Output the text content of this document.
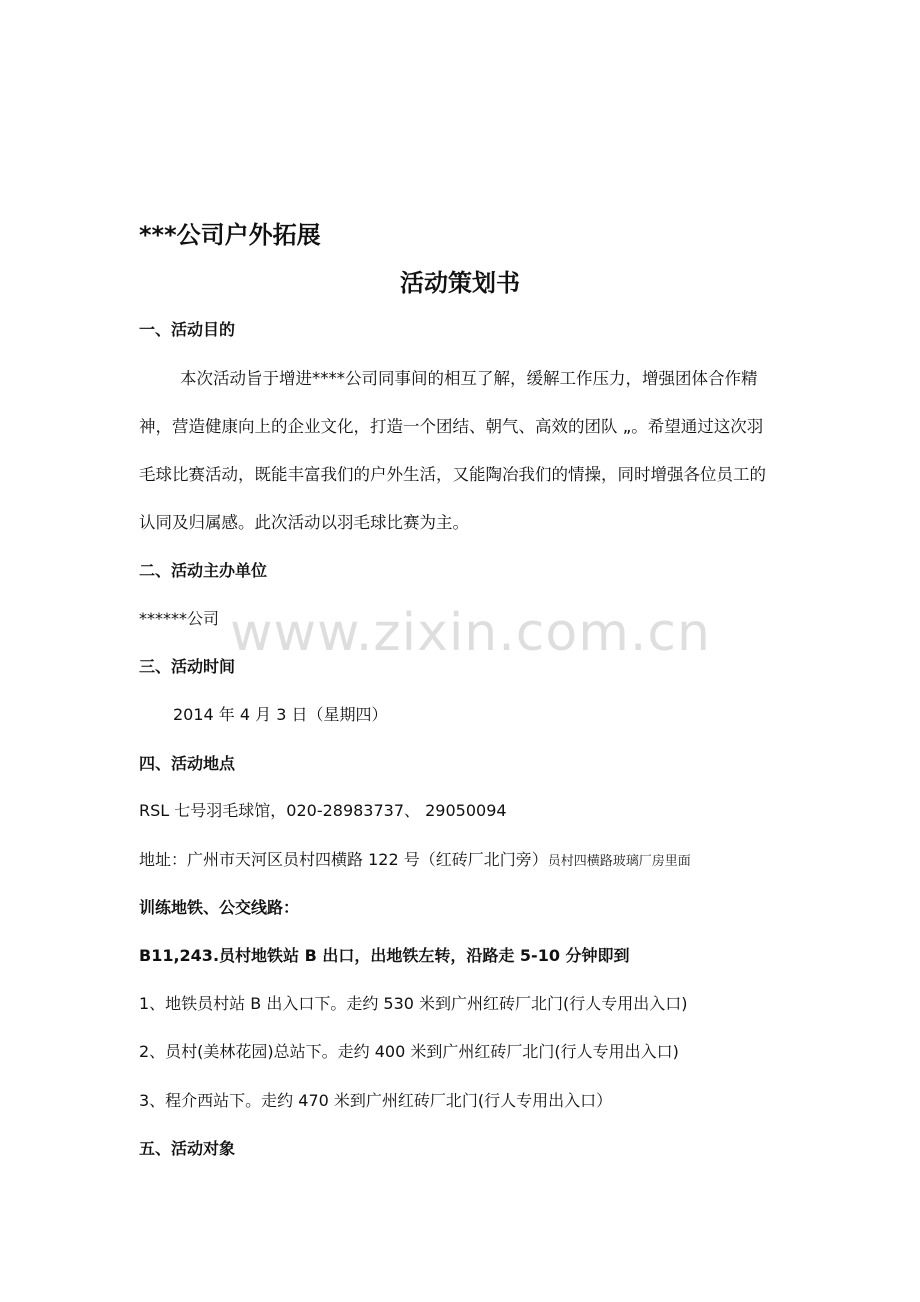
***公司户外拓展
活动策划书
一、活动目的
本次活动旨于增进****公司同事间的相互了解，缓解工作压力，增强团体合作精
神，营造健康向上的企业文化，打造一个团结、朝气、高效的团队 „。希望通过这次羽
毛球比赛活动，既能丰富我们的户外生活，又能陶冶我们的情操，同时增强各位员工的
认同及归属感。此次活动以羽毛球比赛为主。
二、活动主办单位
******公司
三、活动时间
2014 年 4 月 3 日（星期四）
四、活动地点
RSL 七号羽毛球馆，020-28983737、 29050094
地址：广州市天河区员村四横路 122 号（红砖厂北门旁）员村四横路玻璃厂房里面
训练地铁、公交线路：
B11,243.员村地铁站 B 出口，出地铁左转，沿路走 5-10 分钟即到
1、地铁员村站 B 出入口下。走约 530 米到广州红砖厂北门(行人专用出入口)
2、员村(美林花园)总站下。走约 400 米到广州红砖厂北门(行人专用出入口)
3、程介西站下。走约 470 米到广州红砖厂北门(行人专用出入口）
五、活动对象
www.zixin.com.cn
